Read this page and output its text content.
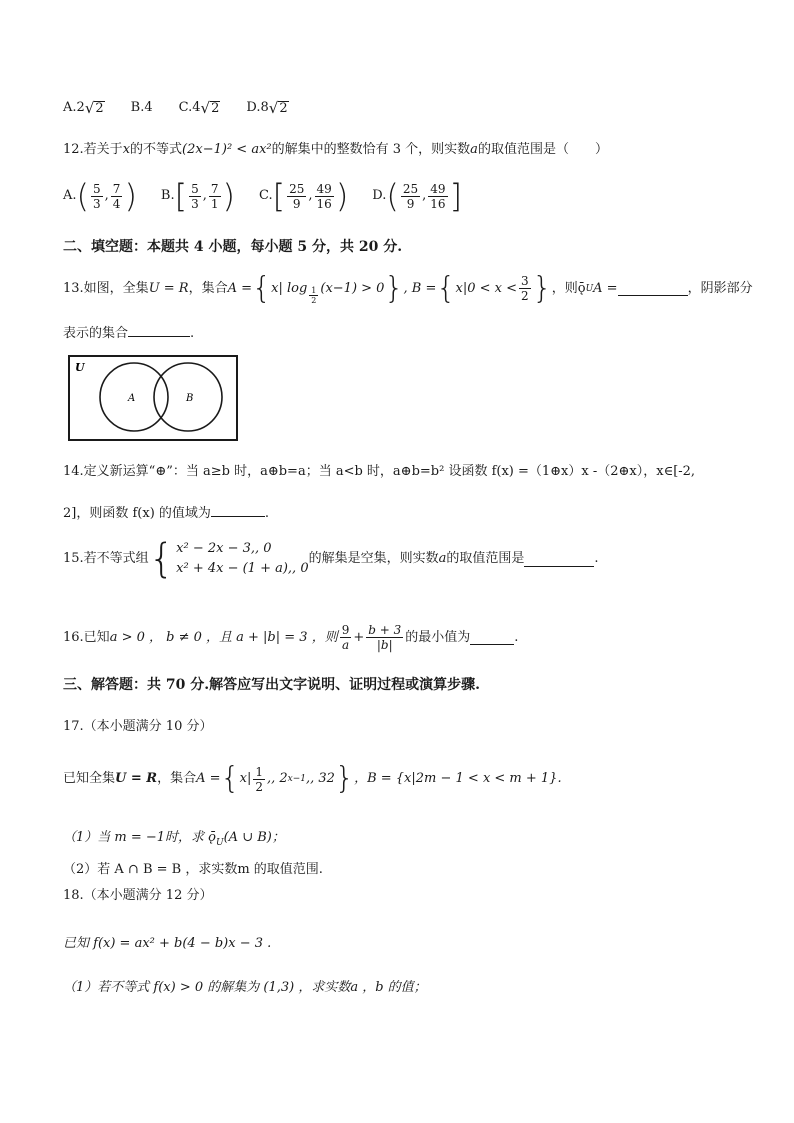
A. 2 √ 2 B.4 C. 4 √ 2 D. 8 √ 2
12.若关于x的不等式(2x−1)² < ax²的解集中的整数恰有 3 个，则实数a的取值范围是（　　）
A. ( $\frac{5}{3}$ , $\frac{7}{4}$ ) B. [ $\frac{5}{3}$ , $\frac{7}{1}$ ) C. [ $\frac{25}{9}$ , $\frac{49}{16}$ ) D. ( $\frac{25}{9}$ , $\frac{49}{16}$ ]
二、填空题：本题共 4 小题，每小题 5 分，共 20 分.
13.如图，全集 U = R ，集合 A = { x| $\log \frac{1}{2} (x-1) > 0$ } , B = { $x|0 < x < \frac{3}{2}$ } ，则 ǭ U A =	，阴影部分
表示的集合	.
U
A	B
14.定义新运算“⊕”：当 a≥b 时，a⊕b=a；当 a<b 时，a⊕b=b² 设函数 f(x) =（1⊕x）x -（2⊕x），x∈[-2,
2]，则函数 f(x) 的值域为	.
15.若不等式组 { x² − 2x − 3,, 0
x² + 4x − (1 + a),, 0
的解集是空集，则实数 a 的取值范围是	.
16.已知 a > 0 ， b ≠ 0 ，且 a + |b| = 3 ，则 $\frac{9}{a} + \frac{b + 3}{|b|}$ 的最小值为	.
三、解答题：共 70 分.解答应写出文字说明、证明过程或演算步骤.
17.（本小题满分 10 分）
已知全集 U = R ，集合 A = { $x| \frac{1}{2}$ ,, 2 x−1 ,, 32 } ，B = {x|2m − 1 < x < m + 1}.
（1）当 m = −1时，求 $ǭ_U(A$ ∪ B)；
（2）若 A ∩ B = B ，求实数m 的取值范围.
18.（本小题满分 12 分）
已知 f(x) = ax² + b(4 − b)x − 3 .
（1）若不等式 f(x) > 0 的解集为 (1,3) ，求实数a ，b 的值；
